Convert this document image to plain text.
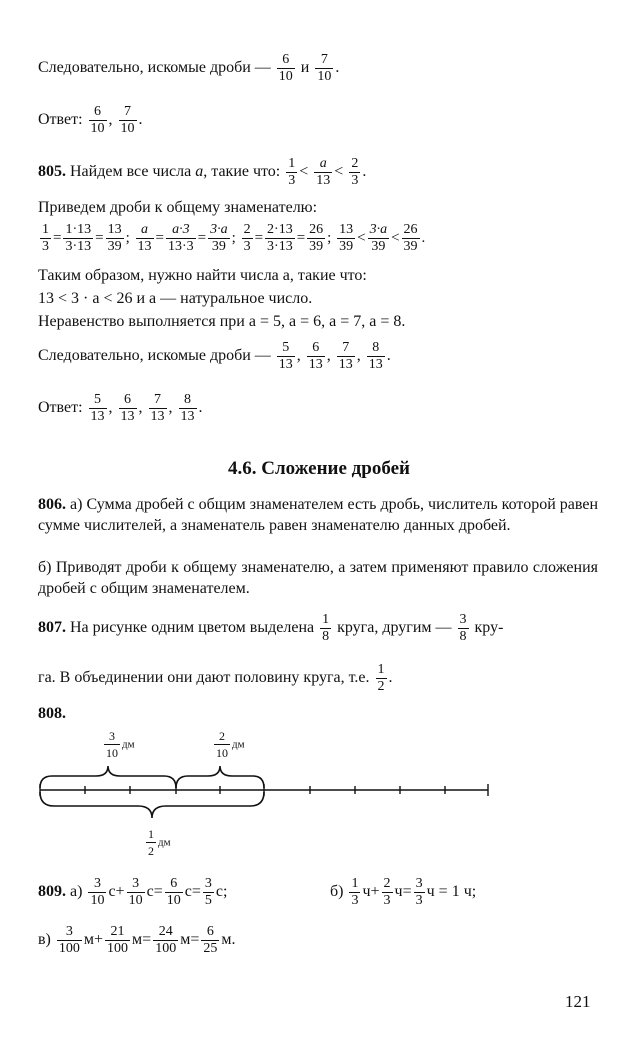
Следовательно, искомые дроби — $\frac{6}{10}$ и $\frac{7}{10}$ .
Ответ: $\frac{6}{10}$ , $\frac{7}{10}$ .
805. Найдем все числа a, такие что: $\frac{1}{3} < \frac{a}{13} < \frac{2}{3}$ .
Приведем дроби к общему знаменателю:
$\frac{1}{3} = \frac{1\cdot 13}{3\cdot 13} = \frac{13}{39}$ ; $\frac{a}{13} = \frac{a\cdot 3}{13\cdot 3} = \frac{3\cdot a}{39}$ ; $\frac{2}{3} = \frac{2\cdot 13}{3\cdot 13} = \frac{26}{39}$ ; $\frac{13}{39} < \frac{3\cdot a}{39} < \frac{26}{39}$ .
Таким образом, нужно найти числа a, такие что:
13 < 3 · a < 26 и a — натуральное число.
Неравенство выполняется при a = 5, a = 6, a = 7, a = 8.
Следовательно, искомые дроби — $\frac{5}{13}$ , $\frac{6}{13}$ , $\frac{7}{13}$ , $\frac{8}{13}$ .
Ответ: $\frac{5}{13}$ , $\frac{6}{13}$ , $\frac{7}{13}$ , $\frac{8}{13}$ .
4.6. Сложение дробей
806. а) Сумма дробей с общим знаменателем есть дробь, числитель которой равен сумме числителей, а знаменатель равен знаменателю данных дробей.
б) Приводят дроби к общему знаменателю, а затем применяют правило сложения дробей с общим знаменателем.
807. На рисунке одним цветом выделена $\frac{1}{8}$ круга, другим — $\frac{3}{8} кру-$
га. В объединении они дают половину круга, т.е. $\frac{1}{2}$ .
808.
$\frac{3}{10}$ дм	$\frac{2}{10}$ дм
$\frac{1}{2}$ дм
809. $а) \frac{3}{10} с+ \frac{3}{10} с= \frac{6}{10} с= \frac{3}{5} с$;	$б) \frac{1}{3} ч+ \frac{2}{3} ч= \frac{3}{3}$ ч = 1 ч;
$в) \frac{3}{100} м+ \frac{21}{100} м= \frac{24}{100} м= \frac{6}{25} м$.
121
